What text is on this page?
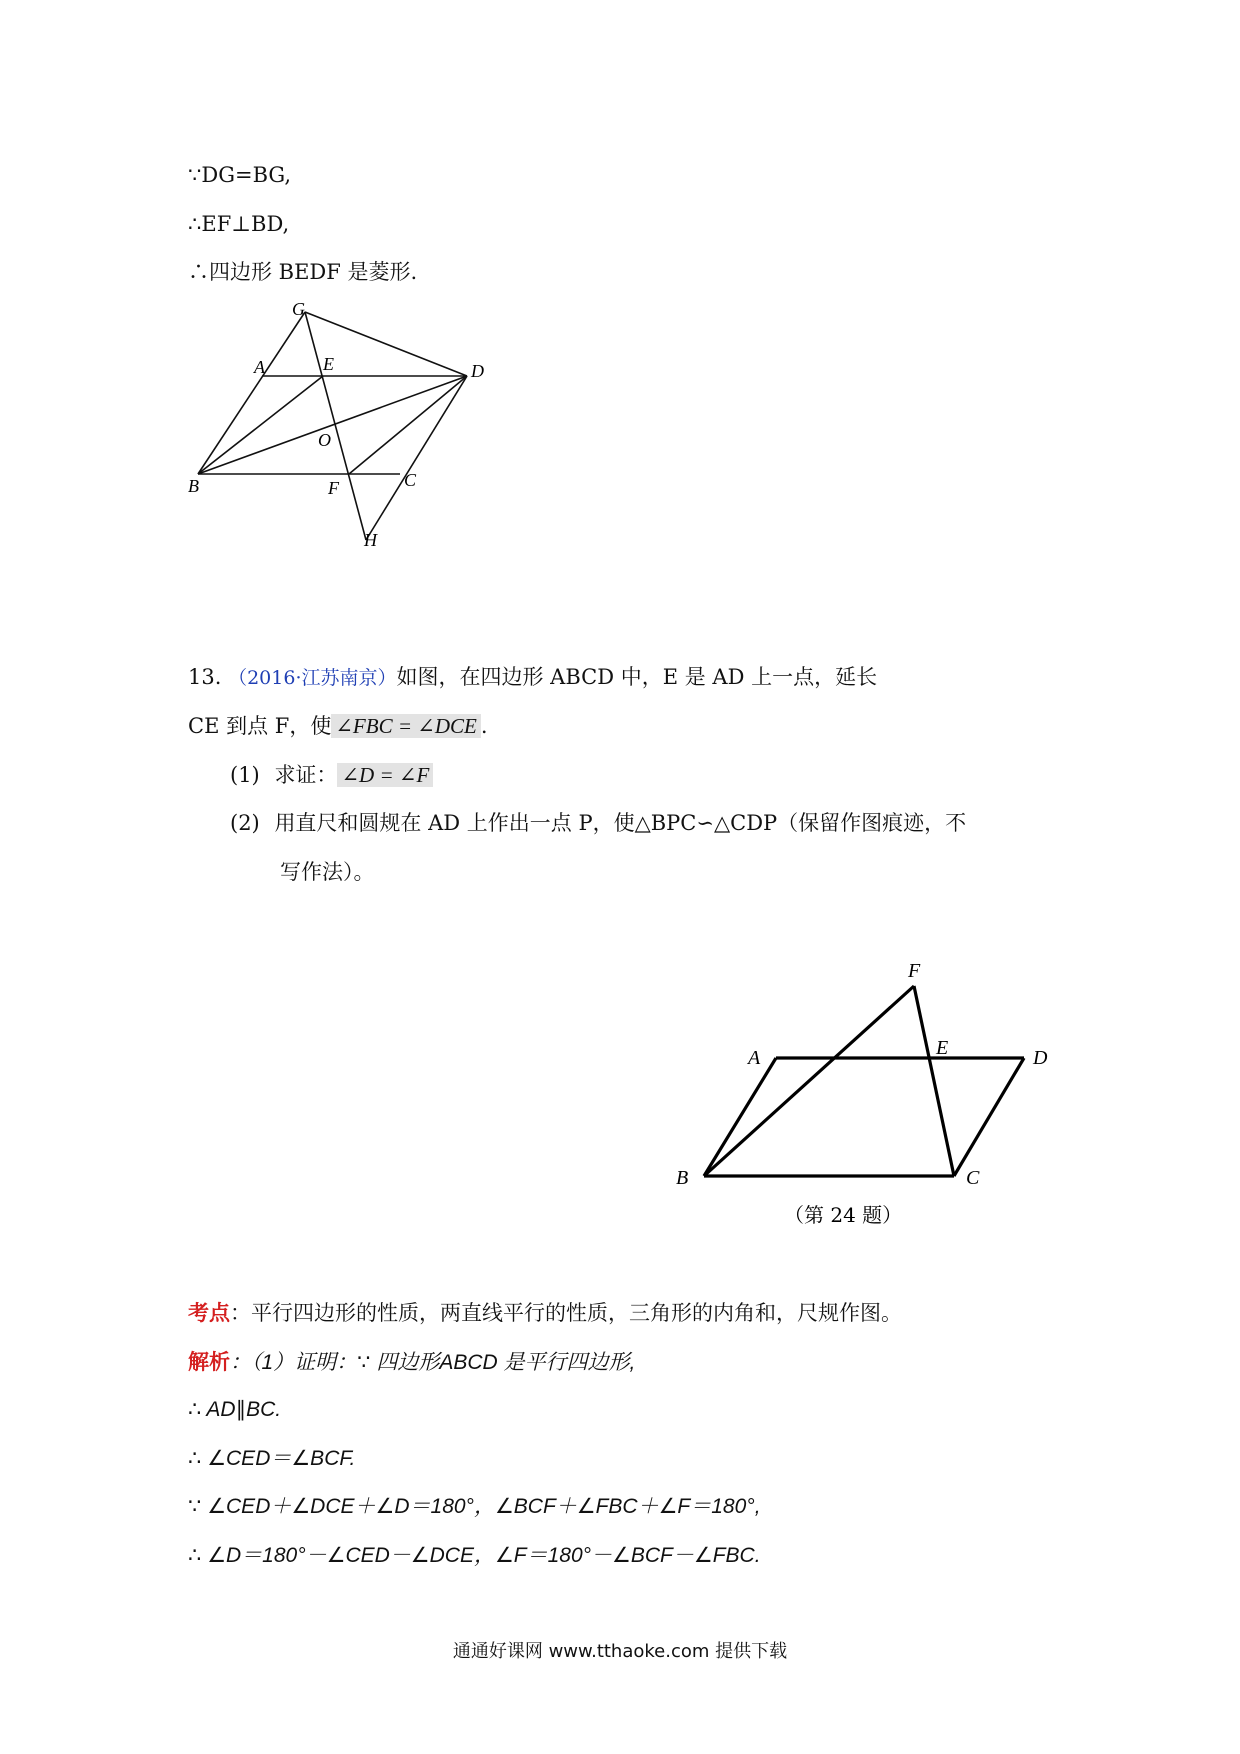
∵DG=BG,
∴EF⊥BD,
∴四边形 BEDF 是菱形.
G
A	E	D
O
B	F	C
H
13. （2016·江苏南京）如图，在四边形 ABCD 中，E 是 AD 上一点，延长
CE 到点 F，使 ∠FBC = ∠DCE .
(1) 求证： ∠D = ∠F
(2) 用直尺和圆规在 AD 上作出一点 P，使△BPC∽△CDP（保留作图痕迹，不
写作法）。
F
A	E	D
B	C
（第 24 题）
考点：平行四边形的性质，两直线平行的性质，三角形的内角和，尺规作图。
解析：（1）证明：∵ 四边形ABCD 是平行四边形,
∴ AD∥BC.
∴ ∠CED＝∠BCF.
∵ ∠CED＋∠DCE＋∠D＝180°，∠BCF＋∠FBC＋∠F＝180°,
∴ ∠D＝180°－∠CED－∠DCE，∠F＝180°－∠BCF－∠FBC.
通通好课网 www.tthaoke.com 提供下载
